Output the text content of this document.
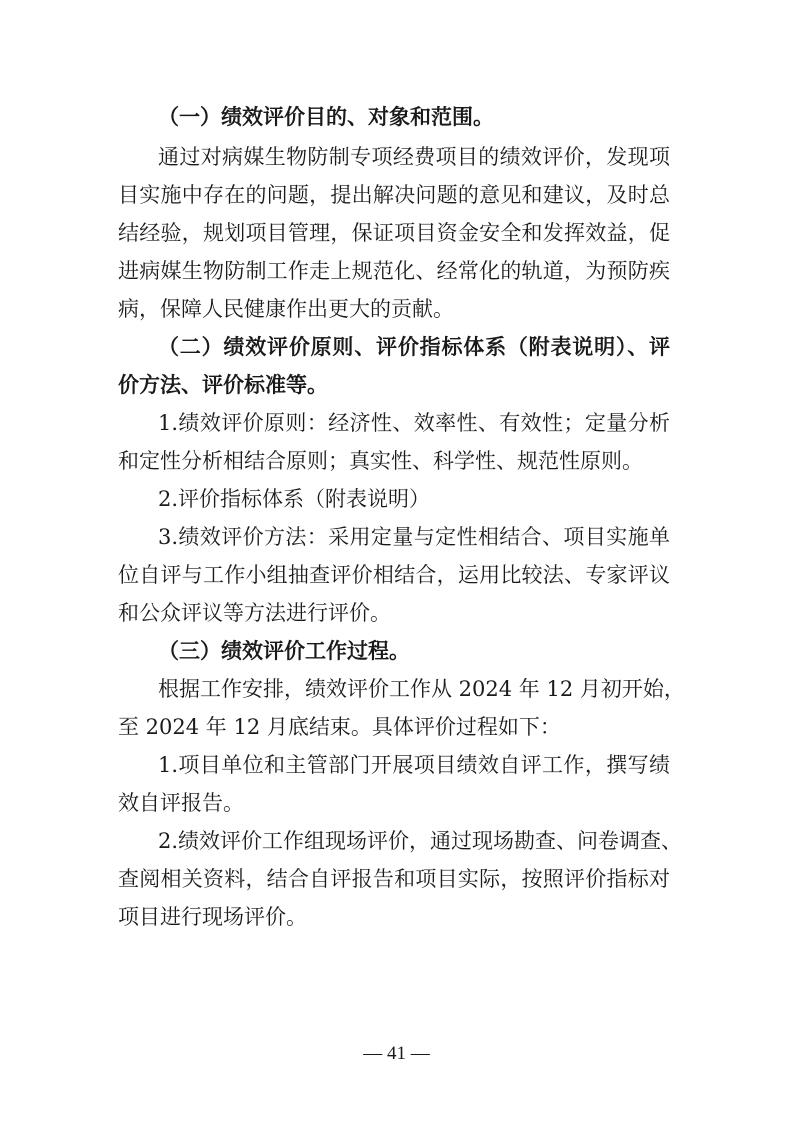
（一）绩效评价目的、对象和范围。
通过对病媒生物防制专项经费项目的绩效评价，发现项
目实施中存在的问题，提出解决问题的意见和建议，及时总
结经验，规划项目管理，保证项目资金安全和发挥效益，促
进病媒生物防制工作走上规范化、经常化的轨道，为预防疾
病，保障人民健康作出更大的贡献。
（二）绩效评价原则、评价指标体系（附表说明）、评
价方法、评价标准等。
1.绩效评价原则：经济性、效率性、有效性；定量分析
和定性分析相结合原则；真实性、科学性、规范性原则。
2.评价指标体系（附表说明）
3.绩效评价方法：采用定量与定性相结合、项目实施单
位自评与工作小组抽查评价相结合，运用比较法、专家评议
和公众评议等方法进行评价。
（三）绩效评价工作过程。
根据工作安排，绩效评价工作从 2024 年 12 月初开始，
至 2024 年 12 月底结束。具体评价过程如下：
1.项目单位和主管部门开展项目绩效自评工作，撰写绩
效自评报告。
2.绩效评价工作组现场评价，通过现场勘查、问卷调查、
查阅相关资料，结合自评报告和项目实际，按照评价指标对
项目进行现场评价。
— 41 —
